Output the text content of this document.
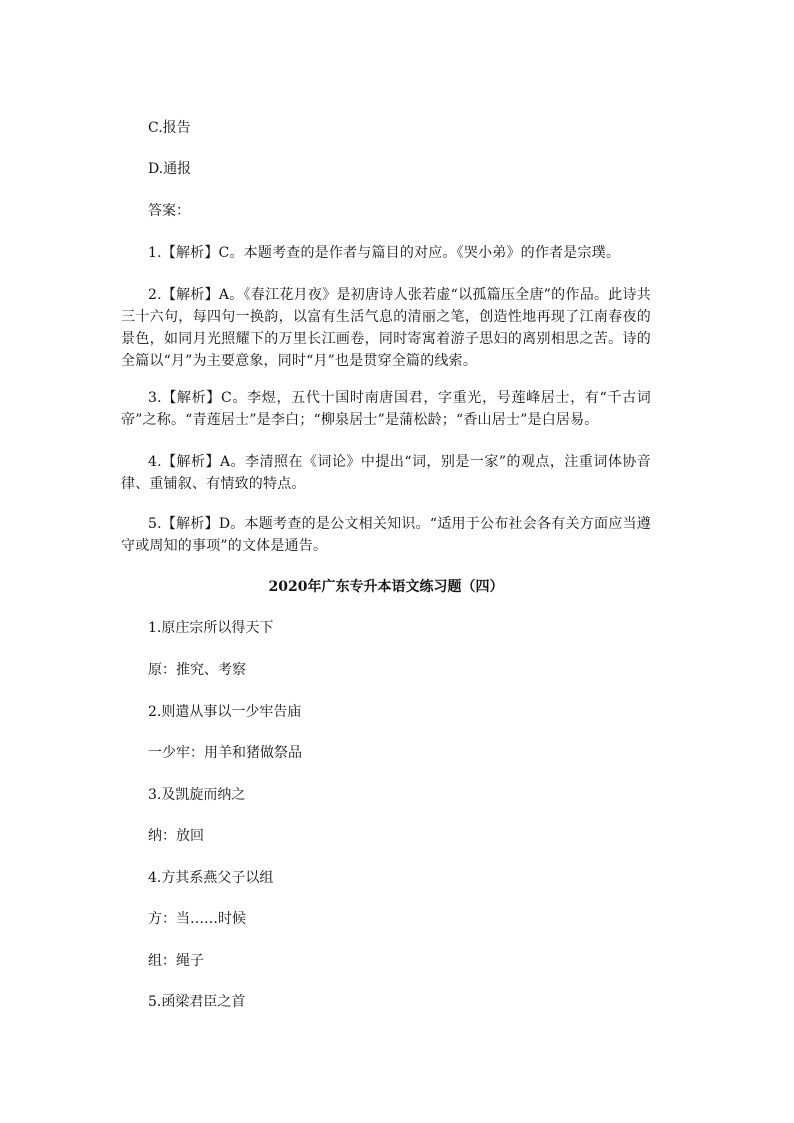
C.报告

D.通报

答案：

1.【解析】C。本题考查的是作者与篇目的对应。《哭小弟》的作者是宗璞。

2.【解析】A。《春江花月夜》是初唐诗人张若虚“以孤篇压全唐”的作品。此诗共三十六句，每四句一换韵，以富有生活气息的清丽之笔，创造性地再现了江南春夜的景色，如同月光照耀下的万里长江画卷，同时寄寓着游子思妇的离别相思之苦。诗的全篇以“月”为主要意象，同时“月”也是贯穿全篇的线索。

3.【解析】C。李煜，五代十国时南唐国君，字重光，号莲峰居士，有“千古词帝”之称。“青莲居士”是李白；“柳泉居士”是蒲松龄；“香山居士”是白居易。

4.【解析】A。李清照在《词论》中提出“词，别是一家”的观点，注重词体协音律、重铺叙、有情致的特点。

5.【解析】D。本题考查的是公文相关知识。“适用于公布社会各有关方面应当遵守或周知的事项”的文体是通告。

2020年广东专升本语文练习题（四）

1.原庄宗所以得天下

原：推究、考察

2.则遣从事以一少牢告庙

一少牢：用羊和猪做祭品

3.及凯旋而纳之

纳：放回

4.方其系燕父子以组

方：当……时候

组：绳子

5.函梁君臣之首
